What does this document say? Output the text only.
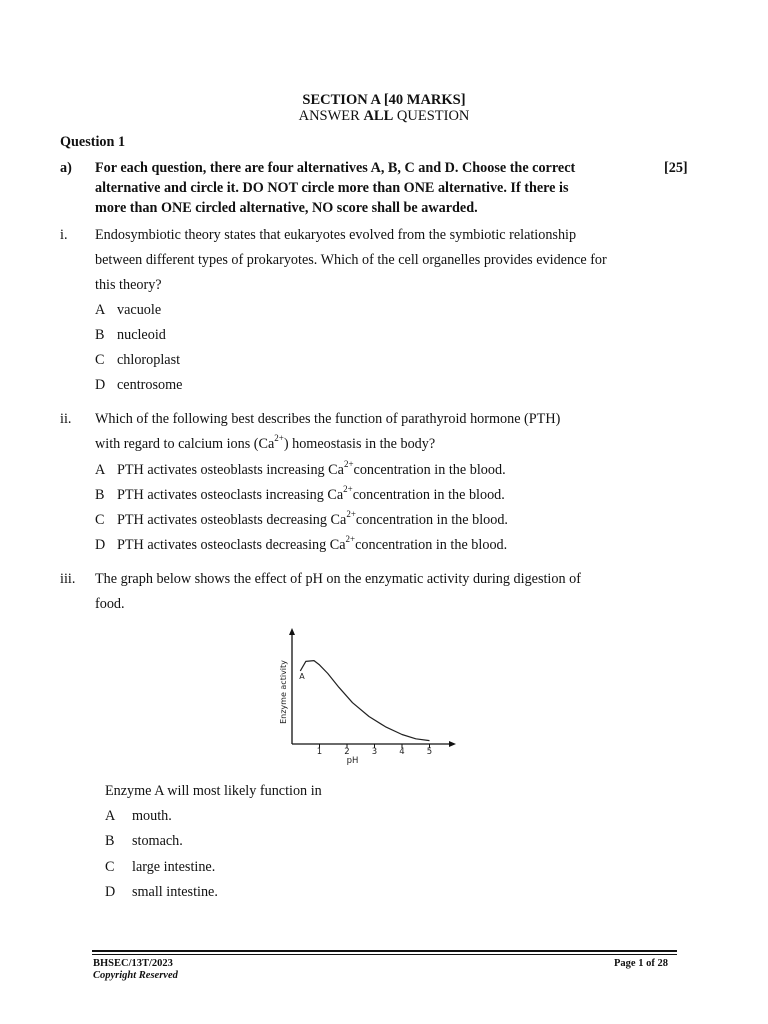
SECTION A [40 MARKS]
ANSWER ALL QUESTION
Question 1
a) For each question, there are four alternatives A, B, C and D. Choose the correct
alternative and circle it. DO NOT circle more than ONE alternative. If there is
more than ONE circled alternative, NO score shall be awarded.
[25]
i. Endosymbiotic theory states that eukaryotes evolved from the symbiotic relationship
between different types of prokaryotes. Which of the cell organelles provides evidence for
this theory?
A vacuole
B nucleoid
C chloroplast
D centrosome
ii. Which of the following best describes the function of parathyroid hormone (PTH)
with regard to calcium ions $(Ca^{2+})$ homeostasis in the body?
A PTH activates osteoblasts increasing $Ca^{2+}concentration$ in the blood.
B PTH activates osteoclasts increasing $Ca^{2+}concentration$ in the blood.
C PTH activates osteoblasts decreasing $Ca^{2+}concentration$ in the blood.
D PTH activates osteoclasts decreasing $Ca^{2+}concentration$ in the blood.
iii. The graph below shows the effect of pH on the enzymatic activity during digestion of
food.
1	2	3	4	5
pH
Enzyme activity A
Enzyme A will most likely function in
A mouth.
B stomach.
C large intestine.
D small intestine.
BHSEC/13T/2023
Copyright Reserved
Page 1 of 28
